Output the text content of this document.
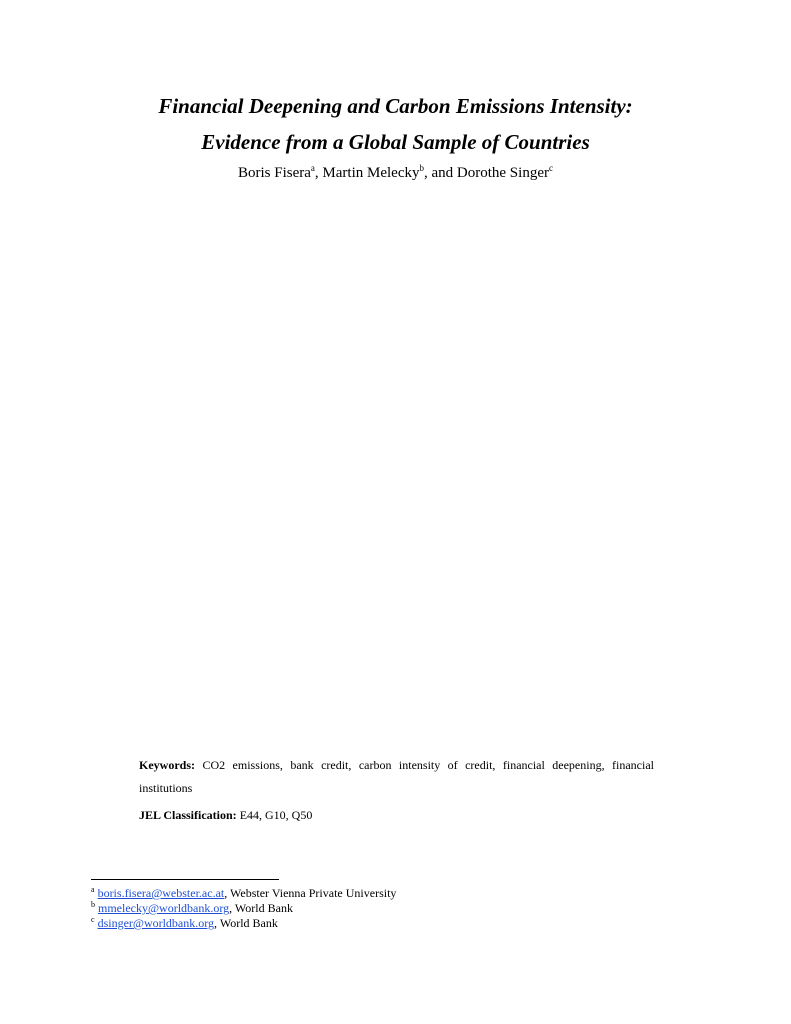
Financial Deepening and Carbon Emissions Intensity:
Evidence from a Global Sample of Countries
Boris Fisera$^a$, Martin Melecky$^b$, and Dorothe Singer$^c$
Keywords: CO2 emissions, bank credit, carbon intensity of credit, financial deepening, financial institutions
JEL Classification: E44, G10, Q50
$^a$ boris.fisera@webster.ac.at, Webster Vienna Private University
$^b$ mmelecky@worldbank.org, World Bank
$^c$ dsinger@worldbank.org, World Bank
